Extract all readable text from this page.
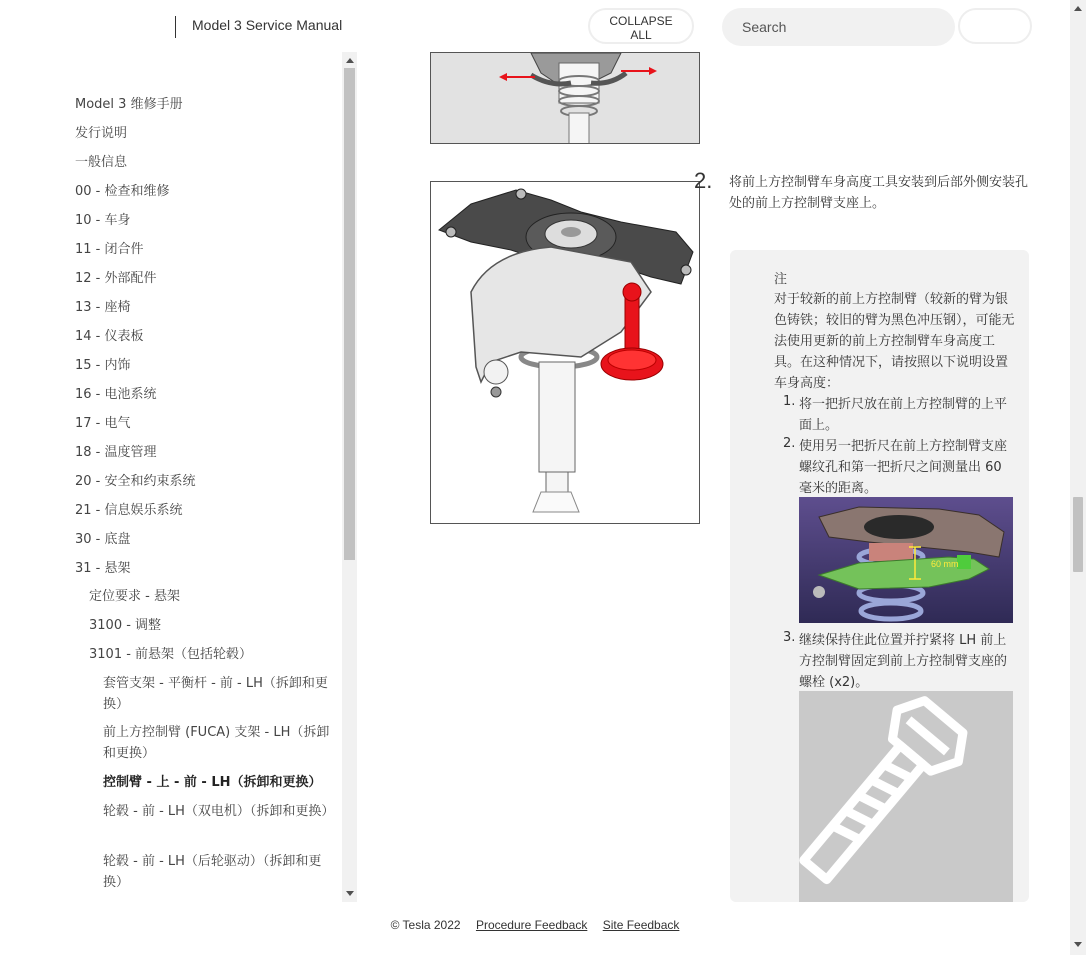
Model 3 Service Manual	COLLAPSE
ALL
Search
Model 3 维修手册
发行说明
一般信息
00 - 检查和维修
10 - 车身
11 - 闭合件
12 - 外部配件
13 - 座椅
14 - 仪表板
15 - 内饰
16 - 电池系统
17 - 电气
18 - 温度管理
20 - 安全和约束系统
21 - 信息娱乐系统
30 - 底盘
31 - 悬架
定位要求 - 悬架
3100 - 调整
3101 - 前悬架（包括轮毂）
套管支架 - 平衡杆 - 前 - LH（拆卸和更换）
前上方控制臂 (FUCA) 支架 - LH（拆卸和更换）
控制臂 - 上 - 前 - LH（拆卸和更换）
轮毂 - 前 - LH（双电机）（拆卸和更换）
轮毂 - 前 - LH（后轮驱动）（拆卸和更换）
2. 将前上方控制臂车身高度工具安装到后部外侧安装孔处的前上方控制臂支座上。
注
对于较新的前上方控制臂（较新的臂为银色铸铁；较旧的臂为黑色冲压钢），可能无法使用更新的前上方控制臂车身高度工具。在这种情况下，请按照以下说明设置车身高度：
1. 将一把折尺放在前上方控制臂的上平面上。
2. 使用另一把折尺在前上方控制臂支座螺纹孔和第一把折尺之间测量出 60 毫米的距离。
60 mm
3. 继续保持住此位置并拧紧将 LH 前上方控制臂固定到前上方控制臂支座的螺栓 (x2)。
© Tesla 2022 Procedure Feedback Site Feedback
